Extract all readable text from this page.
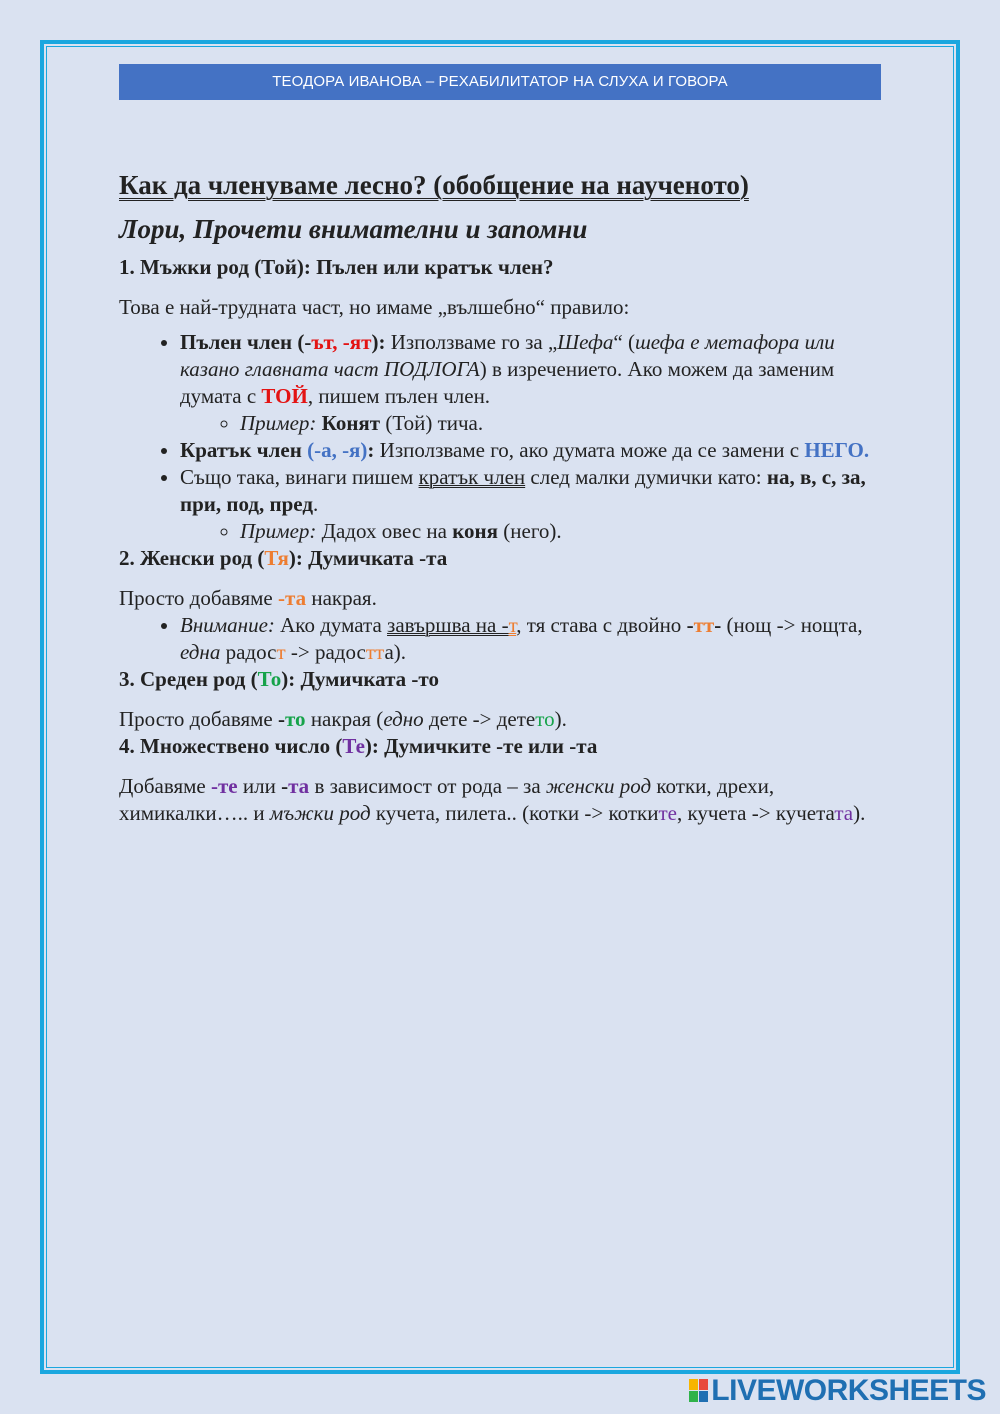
ТЕОДОРА ИВАНОВА – РЕХАБИЛИТАТОР НА СЛУХА И ГОВОРА
Как да членуваме лесно? (обобщение на наученото)
Лори, Прочети внимателни и запомни
1. Мъжки род (Той): Пълен или кратък член?
Това е най-трудната част, но имаме „вълшебно“ правило:
• Пълен член (-ът, -ят): Използваме го за „Шефа“ (шефа е метафора или казано главната част ПОДЛОГА) в изречението. Ако можем да заменим думата с ТОЙ, пишем пълен член.
◦ Пример: Конят (Той) тича.
• Кратък член (-а, -я): Използваме го, ако думата може да се замени с НЕГО.
• Също така, винаги пишем кратък член след малки думички като: на, в, с, за, при, под, пред.
◦ Пример: Дадох овес на коня (него).
2. Женски род (Тя): Думичката -та
Просто добавяме -та накрая.
• Внимание: Ако думата завършва на -т, тя става с двойно -тт- (нощ -> нощта, една радост -> радостта).
3. Среден род (То): Думичката -то
Просто добавяме -то накрая (едно дете -> детето).
4. Множествено число (Те): Думичките -те или -та
Добавяме -те или -та в зависимост от рода – за женски род котки, дрехи, химикалки….. и мъжки род кучета, пилета.. (котки -> котките, кучета -> кучетата).
LIVEWORKSHEETS
